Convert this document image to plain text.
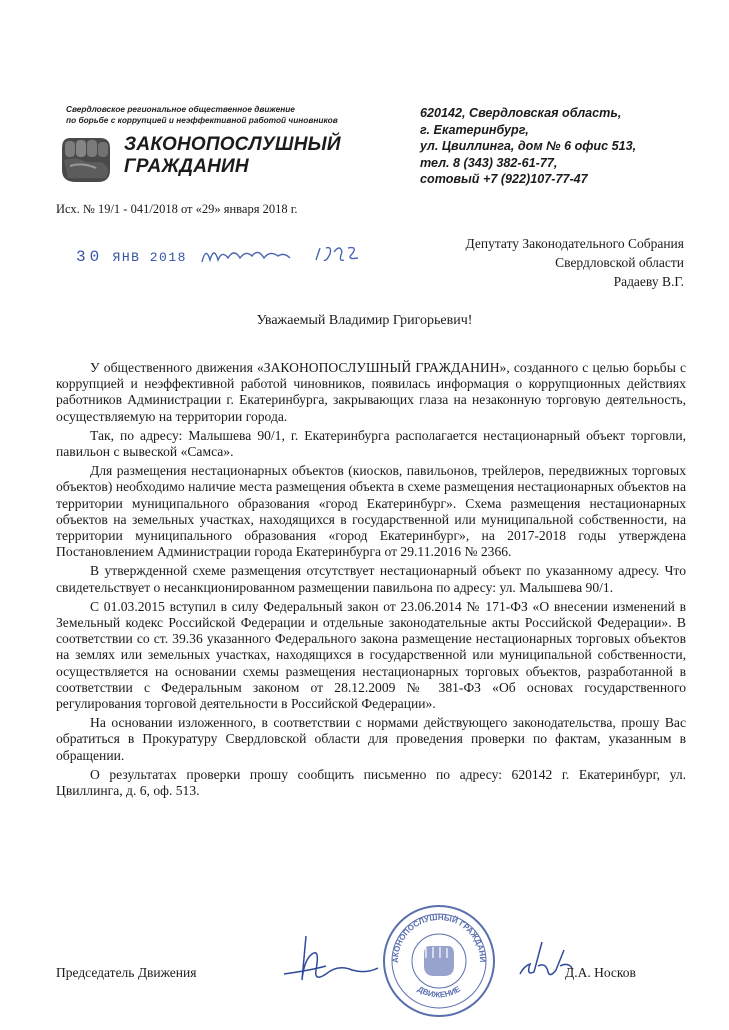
Свердловское региональное общественное движение
по борьбе с коррупцией и неэффективной работой чиновников
ЗАКОНОПОСЛУШНЫЙ
ГРАЖДАНИН
620142, Свердловская область,
г. Екатеринбург,
ул. Цвиллинга, дом № 6 офис 513,
тел. 8 (343) 382-61-77,
сотовый +7 (922)107-77-47
Исх. № 19/1 - 041/2018 от «29» января 2018 г.
30 ЯНВ 2018
Депутату Законодательного Собрания
Свердловской области
Радаеву В.Г.
Уважаемый Владимир Григорьевич!

У общественного движения «ЗАКОНОПОСЛУШНЫЙ ГРАЖДАНИН», созданного с целью борьбы с коррупцией и неэффективной работой чиновников, появилась информация о коррупционных действиях работников Администрации г. Екатеринбурга, закрывающих глаза на незаконную торговую деятельность, осуществляемую на территории города.

Так, по адресу: Малышева 90/1, г. Екатеринбурга располагается нестационарный объект торговли, павильон с вывеской «Самса».

Для размещения нестационарных объектов (киосков, павильонов, трейлеров, передвижных торговых объектов) необходимо наличие места размещения объекта в схеме размещения нестационарных объектов на территории муниципального образования «город Екатеринбург». Схема размещения нестационарных объектов на земельных участках, находящихся в государственной или муниципальной собственности, на территории муниципального образования «город Екатеринбург», на 2017-2018 годы утверждена Постановлением Администрации города Екатеринбурга от 29.11.2016 № 2366.

В утвержденной схеме размещения отсутствует нестационарный объект по указанному адресу. Что свидетельствует о несанкционированном размещении павильона по адресу: ул. Малышева 90/1.

С 01.03.2015 вступил в силу Федеральный закон от 23.06.2014 № 171-ФЗ «О внесении изменений в Земельный кодекс Российской Федерации и отдельные законодательные акты Российской Федерации». В соответствии со ст. 39.36 указанного Федерального закона размещение нестационарных торговых объектов на землях или земельных участках, находящихся в государственной или муниципальной собственности, осуществляется на основании схемы размещения нестационарных торговых объектов, разработанной в соответствии с Федеральным законом от 28.12.2009 № 381-ФЗ «Об основах государственного регулирования торговой деятельности в Российской Федерации».

На основании изложенного, в соответствии с нормами действующего законодательства, прошу Вас обратиться в Прокуратуру Свердловской области для проведения проверки по фактам, указанным в обращении.

О результатах проверки прошу сообщить письменно по адресу: 620142 г. Екатеринбург, ул. Цвиллинга, д. 6, оф. 513.

АКОНОПОСЛУШНЫЙ ГРАЖДАНИ
ДВИЖЕНИЕ
Председатель Движения	Д.А. Носков
